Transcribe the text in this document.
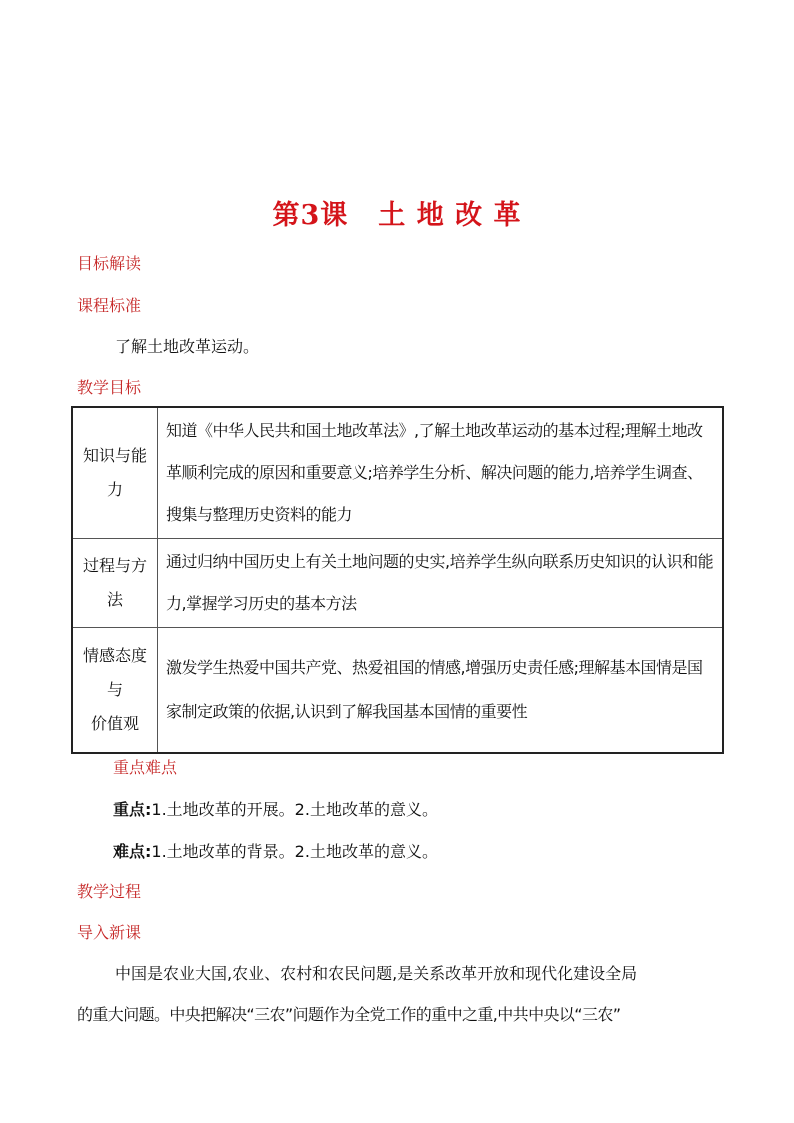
第3课 土 地 改 革
目标解读
课程标准
了解土地改革运动。
教学目标
知识与能
力	知道《中华人民共和国土地改革法》,了解土地改革运动的基本过程;理解土地改革顺利完成的原因和重要意义;培养学生分析、解决问题的能力,培养学生调查、搜集与整理历史资料的能力

过程与方
法	通过归纳中国历史上有关土地问题的史实,培养学生纵向联系历史知识的认识和能力,掌握学习历史的基本方法

情感态度
与
价值观	激发学生热爱中国共产党、热爱祖国的情感,增强历史责任感;理解基本国情是国家制定政策的依据,认识到了解我国基本国情的重要性
重点难点
重点:1.土地改革的开展。2.土地改革的意义。
难点:1.土地改革的背景。2.土地改革的意义。
教学过程
导入新课
中国是农业大国,农业、农村和农民问题,是关系改革开放和现代化建设全局
的重大问题。中央把解决“三农”问题作为全党工作的重中之重,中共中央以“三农”
